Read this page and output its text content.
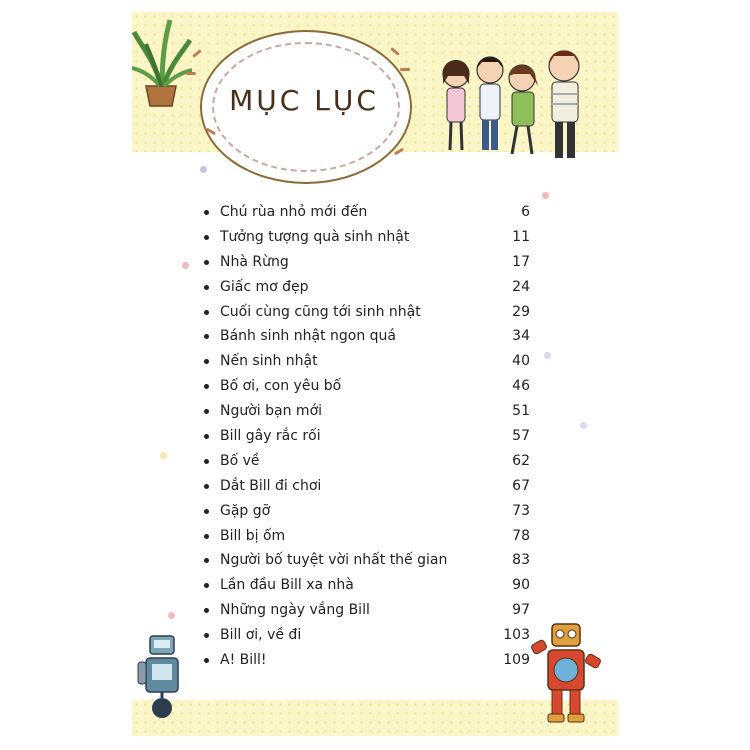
MỤC LỤC
Chú rùa nhỏ mới đến	6
Tưởng tượng quà sinh nhật	11
Nhà Rừng	17
Giấc mơ đẹp	24
Cuối cùng cũng tới sinh nhật	29
Bánh sinh nhật ngon quá	34
Nến sinh nhật	40
Bố ơi, con yêu bố	46
Người bạn mới	51
Bill gây rắc rối	57
Bố về	62
Dắt Bill đi chơi	67
Gặp gỡ	73
Bill bị ốm	78
Người bố tuyệt vời nhất thế gian	83
Lần đầu Bill xa nhà	90
Những ngày vắng Bill	97
Bill ơi, về đi	103
A! Bill!	109
